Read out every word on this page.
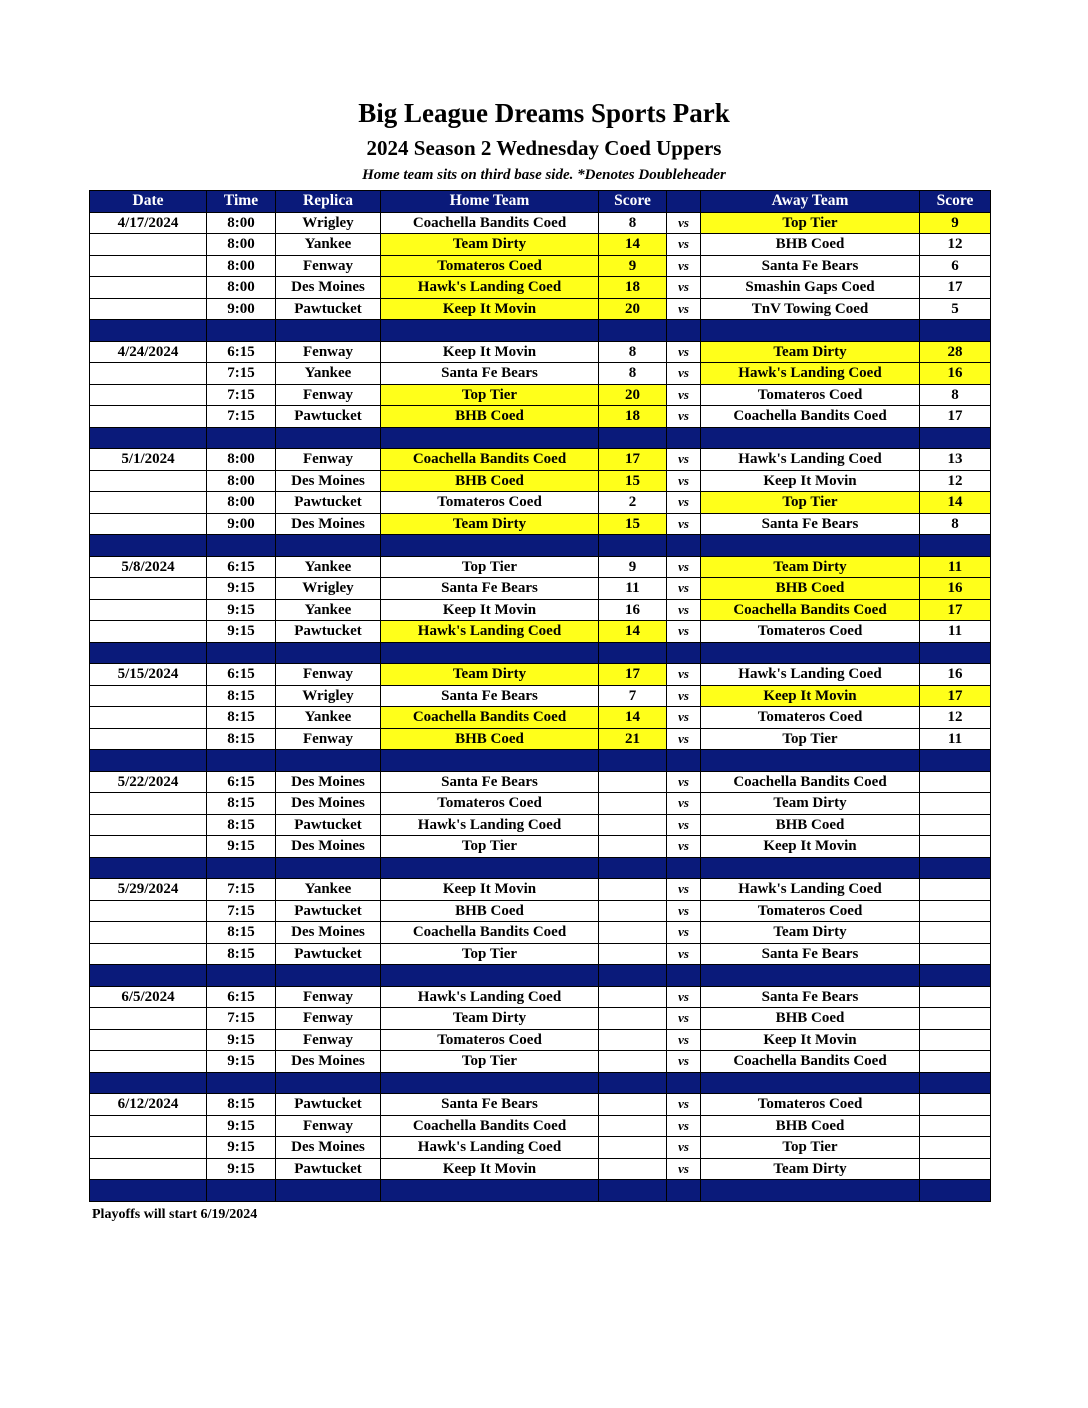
Big League Dreams Sports Park
2024 Season 2 Wednesday Coed Uppers
Home team sits on third base side. *Denotes Doubleheader
Date	Time	Replica	Home Team	Score		Away Team	Score
4/17/2024	8:00	Wrigley	Coachella Bandits Coed	8	vs	Top Tier	9
	8:00	Yankee	Team Dirty	14	vs	BHB Coed	12
	8:00	Fenway	Tomateros Coed	9	vs	Santa Fe Bears	6
	8:00	Des Moines	Hawk's Landing Coed	18	vs	Smashin Gaps Coed	17
	9:00	Pawtucket	Keep It Movin	20	vs	TnV Towing Coed	5

4/24/2024	6:15	Fenway	Keep It Movin	8	vs	Team Dirty	28
	7:15	Yankee	Santa Fe Bears	8	vs	Hawk's Landing Coed	16
	7:15	Fenway	Top Tier	20	vs	Tomateros Coed	8
	7:15	Pawtucket	BHB Coed	18	vs	Coachella Bandits Coed	17

5/1/2024	8:00	Fenway	Coachella Bandits Coed	17	vs	Hawk's Landing Coed	13
	8:00	Des Moines	BHB Coed	15	vs	Keep It Movin	12
	8:00	Pawtucket	Tomateros Coed	2	vs	Top Tier	14
	9:00	Des Moines	Team Dirty	15	vs	Santa Fe Bears	8

5/8/2024	6:15	Yankee	Top Tier	9	vs	Team Dirty	11
	9:15	Wrigley	Santa Fe Bears	11	vs	BHB Coed	16
	9:15	Yankee	Keep It Movin	16	vs	Coachella Bandits Coed	17
	9:15	Pawtucket	Hawk's Landing Coed	14	vs	Tomateros Coed	11

5/15/2024	6:15	Fenway	Team Dirty	17	vs	Hawk's Landing Coed	16
	8:15	Wrigley	Santa Fe Bears	7	vs	Keep It Movin	17
	8:15	Yankee	Coachella Bandits Coed	14	vs	Tomateros Coed	12
	8:15	Fenway	BHB Coed	21	vs	Top Tier	11

5/22/2024	6:15	Des Moines	Santa Fe Bears		vs	Coachella Bandits Coed	
	8:15	Des Moines	Tomateros Coed		vs	Team Dirty	
	8:15	Pawtucket	Hawk's Landing Coed		vs	BHB Coed	
	9:15	Des Moines	Top Tier		vs	Keep It Movin	

5/29/2024	7:15	Yankee	Keep It Movin		vs	Hawk's Landing Coed	
	7:15	Pawtucket	BHB Coed		vs	Tomateros Coed	
	8:15	Des Moines	Coachella Bandits Coed		vs	Team Dirty	
	8:15	Pawtucket	Top Tier		vs	Santa Fe Bears	

6/5/2024	6:15	Fenway	Hawk's Landing Coed		vs	Santa Fe Bears	
	7:15	Fenway	Team Dirty		vs	BHB Coed	
	9:15	Fenway	Tomateros Coed		vs	Keep It Movin	
	9:15	Des Moines	Top Tier		vs	Coachella Bandits Coed	

6/12/2024	8:15	Pawtucket	Santa Fe Bears		vs	Tomateros Coed	
	9:15	Fenway	Coachella Bandits Coed		vs	BHB Coed	
	9:15	Des Moines	Hawk's Landing Coed		vs	Top Tier	
	9:15	Pawtucket	Keep It Movin		vs	Team Dirty	

Playoffs will start 6/19/2024
